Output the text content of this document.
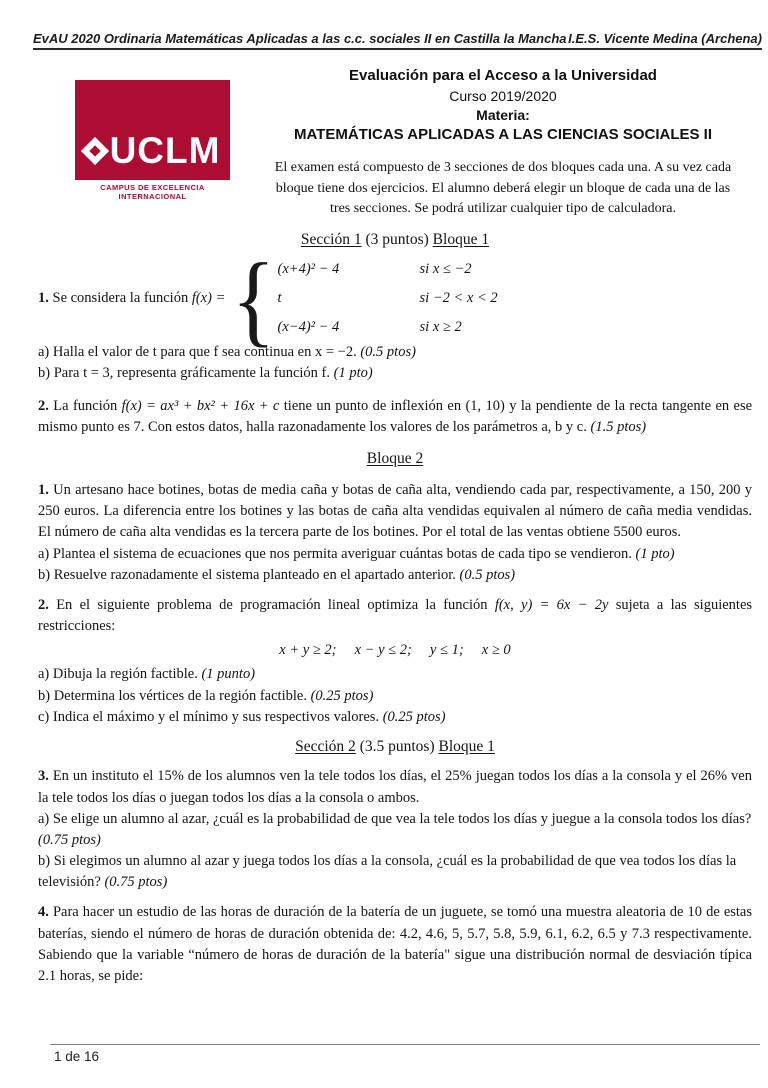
EvAU 2020 Ordinaria Matemáticas Aplicadas a las c.c. sociales II en Castilla la Mancha I.E.S. Vicente Medina (Archena)
UCLM
CAMPUS DE EXCELENCIA INTERNACIONAL
Evaluación para el Acceso a la Universidad
Curso 2019/2020
Materia:
MATEMÁTICAS APLICADAS A LAS CIENCIAS SOCIALES II
El examen está compuesto de 3 secciones de dos bloques cada una. A su vez cada bloque tiene dos ejercicios. El alumno deberá elegir un bloque de cada una de las tres secciones. Se podrá utilizar cualquier tipo de calculadora.
Sección 1 (3 puntos) Bloque 1

1. Se considera la función f(x) = { (x+4)² − 4	si x ≤ −2
t	si −2 < x < 2
(x−4)² − 4	si x ≥ 2

a) Halla el valor de t para que f sea continua en x = −2. (0.5 ptos)

b) Para t = 3, representa gráficamente la función f. (1 pto)

2. La función f(x) = ax³ + bx² + 16x + c tiene un punto de inflexión en (1, 10) y la pendiente de la recta tangente en ese mismo punto es 7. Con estos datos, halla razonadamente los valores de los parámetros a, b y c. (1.5 ptos)

Bloque 2

1. Un artesano hace botines, botas de media caña y botas de caña alta, vendiendo cada par, respectivamente, a 150, 200 y 250 euros. La diferencia entre los botines y las botas de caña alta vendidas equivalen al número de caña media vendidas. El número de caña alta vendidas es la tercera parte de los botines. Por el total de las ventas obtiene 5500 euros.

a) Plantea el sistema de ecuaciones que nos permita averiguar cuántas botas de cada tipo se vendieron. (1 pto)

b) Resuelve razonadamente el sistema planteado en el apartado anterior. (0.5 ptos)

2. En el siguiente problema de programación lineal optimiza la función f(x, y) = 6x − 2y sujeta a las siguientes restricciones:

x + y ≥ 2;     x − y ≤ 2;     y ≤ 1;     x ≥ 0

a) Dibuja la región factible. (1 punto)

b) Determina los vértices de la región factible. (0.25 ptos)

c) Indica el máximo y el mínimo y sus respectivos valores. (0.25 ptos)

Sección 2 (3.5 puntos) Bloque 1

3. En un instituto el 15% de los alumnos ven la tele todos los días, el 25% juegan todos los días a la consola y el 26% ven la tele todos los días o juegan todos los días a la consola o ambos.

a) Se elige un alumno al azar, ¿cuál es la probabilidad de que vea la tele todos los días y juegue a la consola todos los días? (0.75 ptos)

b) Si elegimos un alumno al azar y juega todos los días a la consola, ¿cuál es la probabilidad de que vea todos los días la televisión? (0.75 ptos)

4. Para hacer un estudio de las horas de duración de la batería de un juguete, se tomó una muestra aleatoria de 10 de estas baterías, siendo el número de horas de duración obtenida de: 4.2, 4.6, 5, 5.7, 5.8, 5.9, 6.1, 6.2, 6.5 y 7.3 respectivamente. Sabiendo que la variable “número de horas de duración de la batería" sigue una distribución normal de desviación típica 2.1 horas, se pide:

1 de 16
